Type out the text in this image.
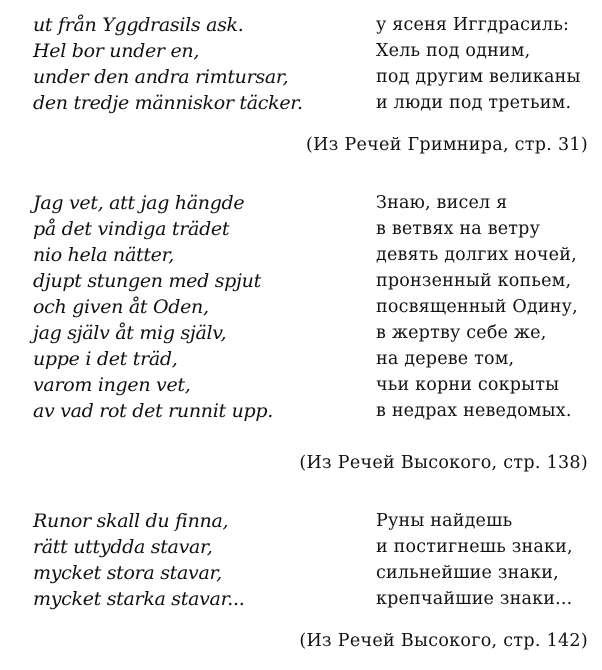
ut från Yggdrasils ask.
Hel bor under en,
under den andra rimtursar,
den tredje människor täcker.
у ясеня Иггдрасиль:
Хель под одним,
под другим великаны
и люди под третьим.
(Из Речей Гримнира, стр. 31)
Jag vet, att jag hängde
på det vindiga trädet
nio hela nätter,
djupt stungen med spjut
och given åt Oden,
jag själv åt mig själv,
uppe i det träd,
varom ingen vet,
av vad rot det runnit upp.
Знаю, висел я
в ветвях на ветру
девять долгих ночей,
пронзенный копьем,
посвященный Одину,
в жертву себе же,
на дереве том,
чьи корни сокрыты
в недрах неведомых.
(Из Речей Высокого, стр. 138)
Runor skall du finna,
rätt uttydda stavar,
mycket stora stavar,
mycket starka stavar...
Руны найдешь
и постигнешь знаки,
сильнейшие знаки,
крепчайшие знаки...
(Из Речей Высокого, стр. 142)
